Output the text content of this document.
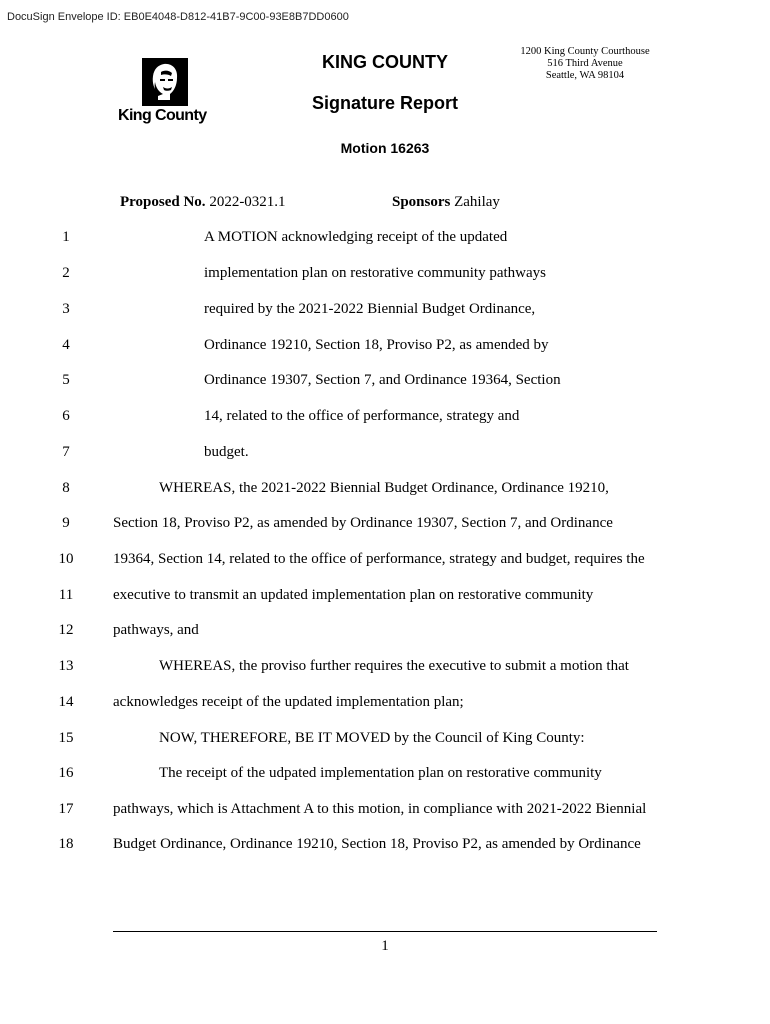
DocuSign Envelope ID: EB0E4048-D812-41B7-9C00-93E8B7DD0600
King County
KING COUNTY
Signature Report
Motion 16263
1200 King County Courthouse
516 Third Avenue
Seattle, WA 98104
Proposed No. 2022-0321.1	Sponsors Zahilay
1	A MOTION acknowledging receipt of the updated
2	implementation plan on restorative community pathways
3	required by the 2021-2022 Biennial Budget Ordinance,
4	Ordinance 19210, Section 18, Proviso P2, as amended by
5	Ordinance 19307, Section 7, and Ordinance 19364, Section
6	14, related to the office of performance, strategy and
7	budget.
8	WHEREAS, the 2021-2022 Biennial Budget Ordinance, Ordinance 19210,
9	Section 18, Proviso P2, as amended by Ordinance 19307, Section 7, and Ordinance
10	19364, Section 14, related to the office of performance, strategy and budget, requires the
11	executive to transmit an updated implementation plan on restorative community
12	pathways, and
13	WHEREAS, the proviso further requires the executive to submit a motion that
14	acknowledges receipt of the updated implementation plan;
15	NOW, THEREFORE, BE IT MOVED by the Council of King County:
16	The receipt of the udpated implementation plan on restorative community
17	pathways, which is Attachment A to this motion, in compliance with 2021-2022 Biennial
18	Budget Ordinance, Ordinance 19210, Section 18, Proviso P2, as amended by Ordinance
1
